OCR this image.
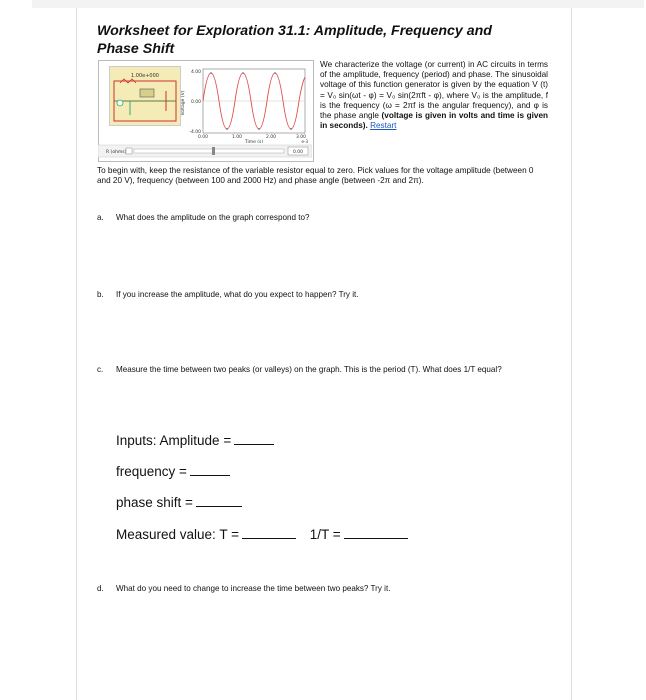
Worksheet for Exploration 31.1: Amplitude, Frequency and
Phase Shift
1.00e+000
Voltage (V)
4.00
0.00
-4.00
0.00	1.00	2.00	3.00
Time (s)	e-3
R (ohms)	0.00
We characterize the voltage (or current) in AC circuits in terms of the amplitude, frequency (period) and phase. The sinusoidal voltage of this function generator is given by the equation V (t) = V₀ sin(ωt - φ) = V₀ sin(2πft - φ), where V₀ is the amplitude, f is the frequency (ω = 2πf is the angular frequency), and φ is the phase angle (voltage is given in volts and time is given in seconds). Restart
To begin with, keep the resistance of the variable resistor equal to zero. Pick values for the voltage amplitude (between 0 and 20 V), frequency (between 100 and 2000 Hz) and phase angle (between -2π and 2π).
a. What does the amplitude on the graph correspond to?
b. If you increase the amplitude, what do you expect to happen? Try it.
c. Measure the time between two peaks (or valleys) on the graph. This is the period (T). What does 1/T equal?
Inputs: Amplitude =
frequency =
phase shift =
Measured value: T =	1/T =
d. What do you need to change to increase the time between two peaks? Try it.
